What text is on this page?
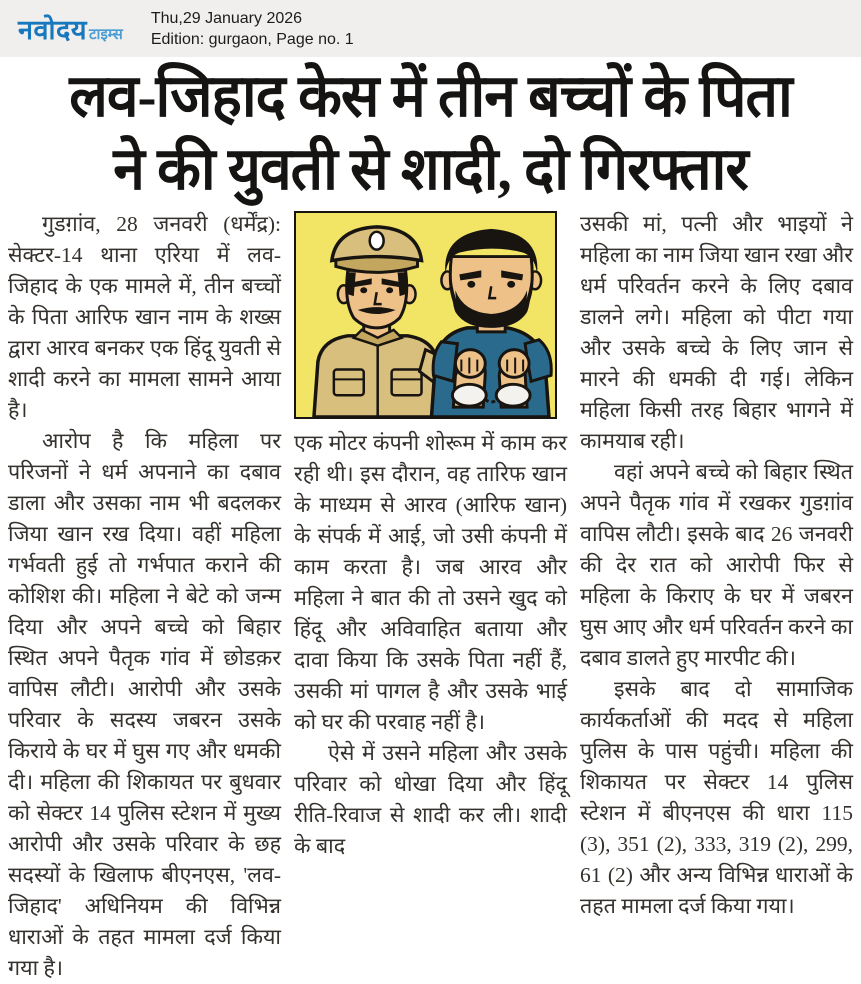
नवोदय टाइम्स
Thu,29 January 2026
Edition: gurgaon, Page no. 1
लव-जिहाद केस में तीन बच्चों के पिता
ने की युवती से शादी, दो गिरफ्तार

गुडग़ांव, 28 जनवरी (धर्मेंद्र): सेक्टर-14 थाना एरिया में लव-जिहाद के एक मामले में, तीन बच्चों के पिता आरिफ खान नाम के शख्स द्वारा आरव बनकर एक हिंदू युवती से शादी करने का मामला सामने आया है।

आरोप है कि महिला पर परिजनों ने धर्म अपनाने का दबाव डाला और उसका नाम भी बदलकर जिया खान रख दिया। वहीं महिला गर्भवती हुई तो गर्भपात कराने की कोशिश की। महिला ने बेटे को जन्म दिया और अपने बच्चे को बिहार स्थित अपने पैतृक गांव में छोडक़र वापिस लौटी। आरोपी और उसके परिवार के सदस्य जबरन उसके किराये के घर में घुस गए और धमकी दी। महिला की शिकायत पर बुधवार को सेक्टर 14 पुलिस स्टेशन में मुख्य आरोपी और उसके परिवार के छह सदस्यों के खिलाफ बीएनएस, 'लव-जिहाद' अधिनियम की विभिन्न धाराओं के तहत मामला दर्ज किया गया है।

एक मोटर कंपनी शोरूम में काम कर रही थी। इस दौरान, वह तारिफ खान के माध्यम से आरव (आरिफ खान) के संपर्क में आई, जो उसी कंपनी में काम करता है। जब आरव और महिला ने बात की तो उसने खुद को हिंदू और अविवाहित बताया और दावा किया कि उसके पिता नहीं हैं, उसकी मां पागल है और उसके भाई को घर की परवाह नहीं है।

ऐसे में उसने महिला और उसके परिवार को धोखा दिया और हिंदू रीति-रिवाज से शादी कर ली। शादी के बाद

उसकी मां, पत्नी और भाइयों ने महिला का नाम जिया खान रखा और धर्म परिवर्तन करने के लिए दबाव डालने लगे। महिला को पीटा गया और उसके बच्चे के लिए जान से मारने की धमकी दी गई। लेकिन महिला किसी तरह बिहार भागने में कामयाब रही।

वहां अपने बच्चे को बिहार स्थित अपने पैतृक गांव में रखकर गुडग़ांव वापिस लौटी। इसके बाद 26 जनवरी की देर रात को आरोपी फिर से महिला के किराए के घर में जबरन घुस आए और धर्म परिवर्तन करने का दबाव डालते हुए मारपीट की।

इसके बाद दो सामाजिक कार्यकर्ताओं की मदद से महिला पुलिस के पास पहुंची। महिला की शिकायत पर सेक्टर 14 पुलिस स्टेशन में बीएनएस की धारा 115 (3), 351 (2), 333, 319 (2), 299, 61 (2) और अन्य विभिन्न धाराओं के तहत मामला दर्ज किया गया।
